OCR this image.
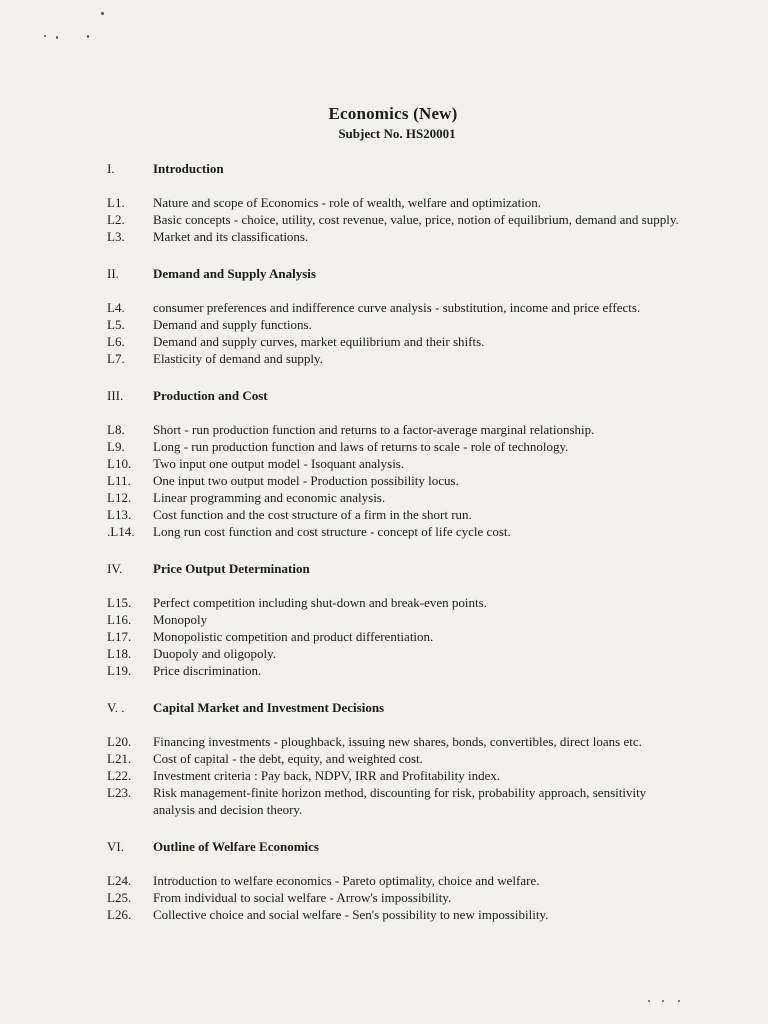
Economics (New)
Subject No. HS20001
I.	Introduction
L1.	Nature and scope of Economics - role of wealth, welfare and optimization.
L2.	Basic concepts - choice, utility, cost revenue, value, price, notion of equilibrium, demand and supply.
L3.	Market and its classifications.
II.	Demand and Supply Analysis
L4.	consumer preferences and indifference curve analysis - substitution, income and price effects.
L5.	Demand and supply functions.
L6.	Demand and supply curves, market equilibrium and their shifts.
L7.	Elasticity of demand and supply.
III.	Production and Cost
L8.	Short - run production function and returns to a factor-average marginal relationship.
L9.	Long - run production function and laws of returns to scale - role of technology.
L10.	Two input one output model - Isoquant analysis.
L11.	One input two output model - Production possibility locus.
L12.	Linear programming and economic analysis.
L13.	Cost function and the cost structure of a firm in the short run.
.L14.	Long run cost function and cost structure - concept of life cycle cost.
IV.	Price Output Determination
L15.	Perfect competition including shut-down and break-even points.
L16.	Monopoly
L17.	Monopolistic competition and product differentiation.
L18.	Duopoly and oligopoly.
L19.	Price discrimination.
V. .	Capital Market and Investment Decisions
L20.	Financing investments - ploughback, issuing new shares, bonds, convertibles, direct loans etc.
L21.	Cost of capital - the debt, equity, and weighted cost.
L22.	Investment criteria : Pay back, NDPV, IRR and Profitability index.
L23.	Risk management-finite horizon method, discounting for risk, probability approach, sensitivity analysis and decision theory.
VI.	Outline of Welfare Economics
L24.	Introduction to welfare economics - Pareto optimality, choice and welfare.
L25.	From individual to social welfare - Arrow's impossibility.
L26.	Collective choice and social welfare - Sen's possibility to new impossibility.
